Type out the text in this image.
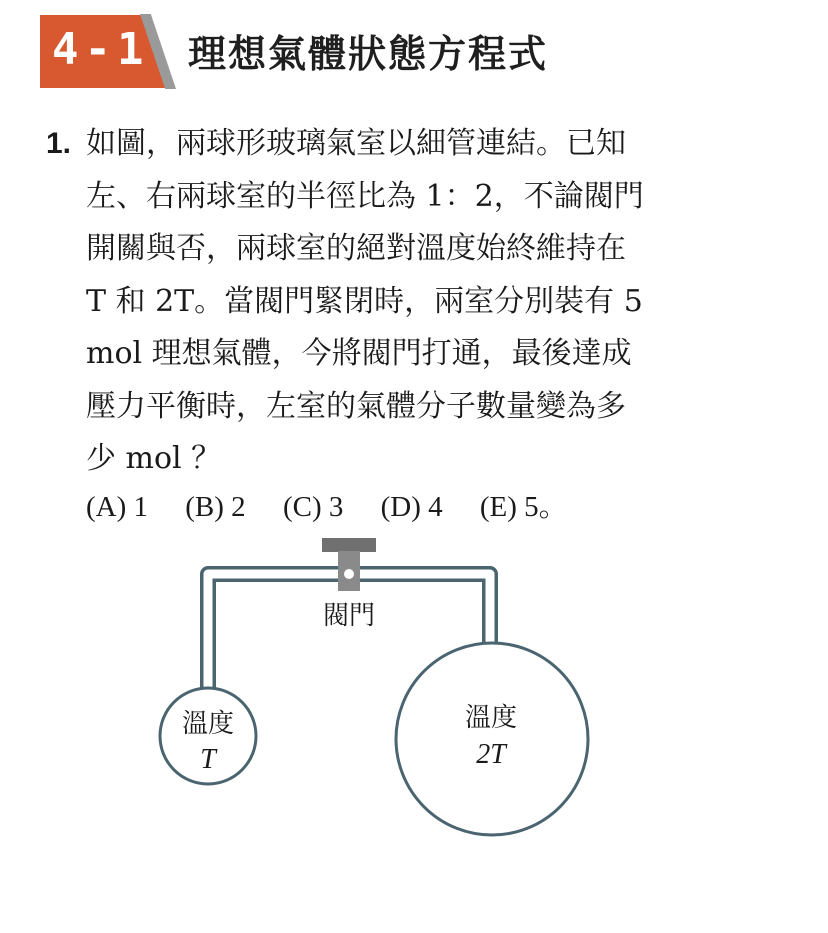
4-1 理想氣體狀態方程式
1. 如圖，兩球形玻璃氣室以細管連結。已知
左、右兩球室的半徑比為 1：2，不論閥門
開關與否，兩球室的絕對溫度始終維持在
T 和 2T。當閥門緊閉時，兩室分別裝有 5
mol 理想氣體，今將閥門打通，最後達成
壓力平衡時，左室的氣體分子數量變為多
少 mol ？
(A) 1 (B) 2 (C) 3 (D) 4 (E) 5。
閥門
溫度
T
溫度
2T
